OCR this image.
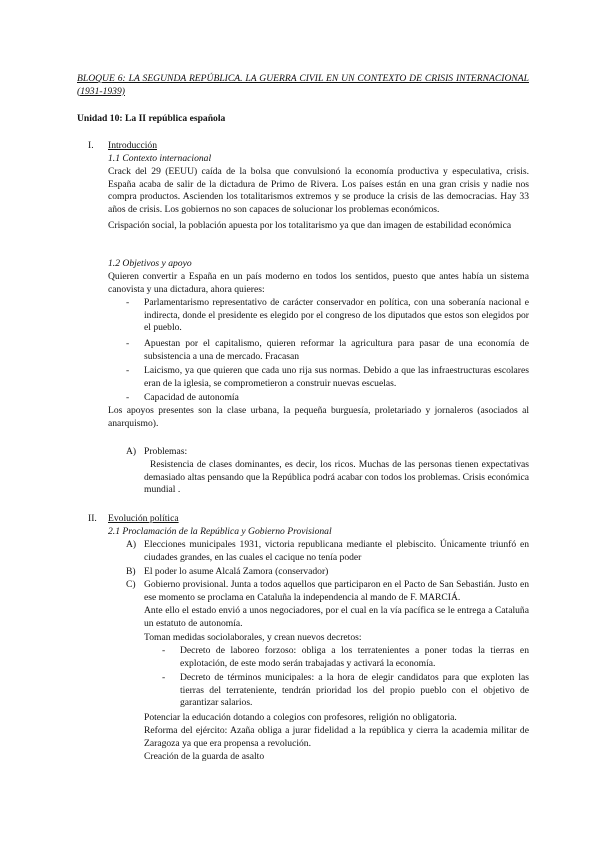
BLOQUE 6: LA SEGUNDA REPÚBLICA. LA GUERRA CIVIL EN UN CONTEXTO DE CRISIS INTERNACIONAL (1931-1939)
Unidad 10: La II república española
I. Introducción
1.1 Contexto internacional
Crack del 29 (EEUU) caída de la bolsa que convulsionó la economía productiva y especulativa, crisis. España acaba de salir de la dictadura de Primo de Rivera. Los países están en una gran crisis y nadie nos compra productos. Ascienden los totalitarismos extremos y se produce la crisis de las democracias. Hay 33 años de crisis. Los gobiernos no son capaces de solucionar los problemas económicos.
Crispación social, la población apuesta por los totalitarismo ya que dan imagen de estabilidad económica
1.2 Objetivos y apoyo
Quieren convertir a España en un país moderno en todos los sentidos, puesto que antes había un sistema canovista y una dictadura, ahora quieres:
- Parlamentarismo representativo de carácter conservador en política, con una soberanía nacional e indirecta, donde el presidente es elegido por el congreso de los diputados que estos son elegidos por el pueblo.
- Apuestan por el capitalismo, quieren reformar la agricultura para pasar de una economía de subsistencia a una de mercado. Fracasan
- Laicismo, ya que quieren que cada uno rija sus normas. Debido a que las infraestructuras escolares eran de la iglesia, se comprometieron a construir nuevas escuelas.
- Capacidad de autonomía
Los apoyos presentes son la clase urbana, la pequeña burguesía, proletariado y jornaleros (asociados al anarquismo).
A) Problemas:
Resistencia de clases dominantes, es decir, los ricos. Muchas de las personas tienen expectativas demasiado altas pensando que la República podrá acabar con todos los problemas. Crisis económica mundial .
II. Evolución política
2.1 Proclamación de la República y Gobierno Provisional
A) Elecciones municipales 1931, victoria republicana mediante el plebiscito. Únicamente triunfó en ciudades grandes, en las cuales el cacique no tenía poder
B) El poder lo asume Alcalá Zamora (conservador)
C) Gobierno provisional. Junta a todos aquellos que participaron en el Pacto de San Sebastián. Justo en ese momento se proclama en Cataluña la independencia al mando de F. MARCIÁ.
Ante ello el estado envió a unos negociadores, por el cual en la vía pacífica se le entrega a Cataluña un estatuto de autonomía.
Toman medidas sociolaborales, y crean nuevos decretos:
- Decreto de laboreo forzoso: obliga a los terratenientes a poner todas la tierras en explotación, de este modo serán trabajadas y activará la economía.
- Decreto de términos municipales: a la hora de elegir candidatos para que exploten las tierras del terrateniente, tendrán prioridad los del propio pueblo con el objetivo de garantizar salarios.
Potenciar la educación dotando a colegios con profesores, religión no obligatoria.
Reforma del ejército: Azaña obliga a jurar fidelidad a la república y cierra la academia militar de Zaragoza ya que era propensa a revolución.
Creación de la guarda de asalto
